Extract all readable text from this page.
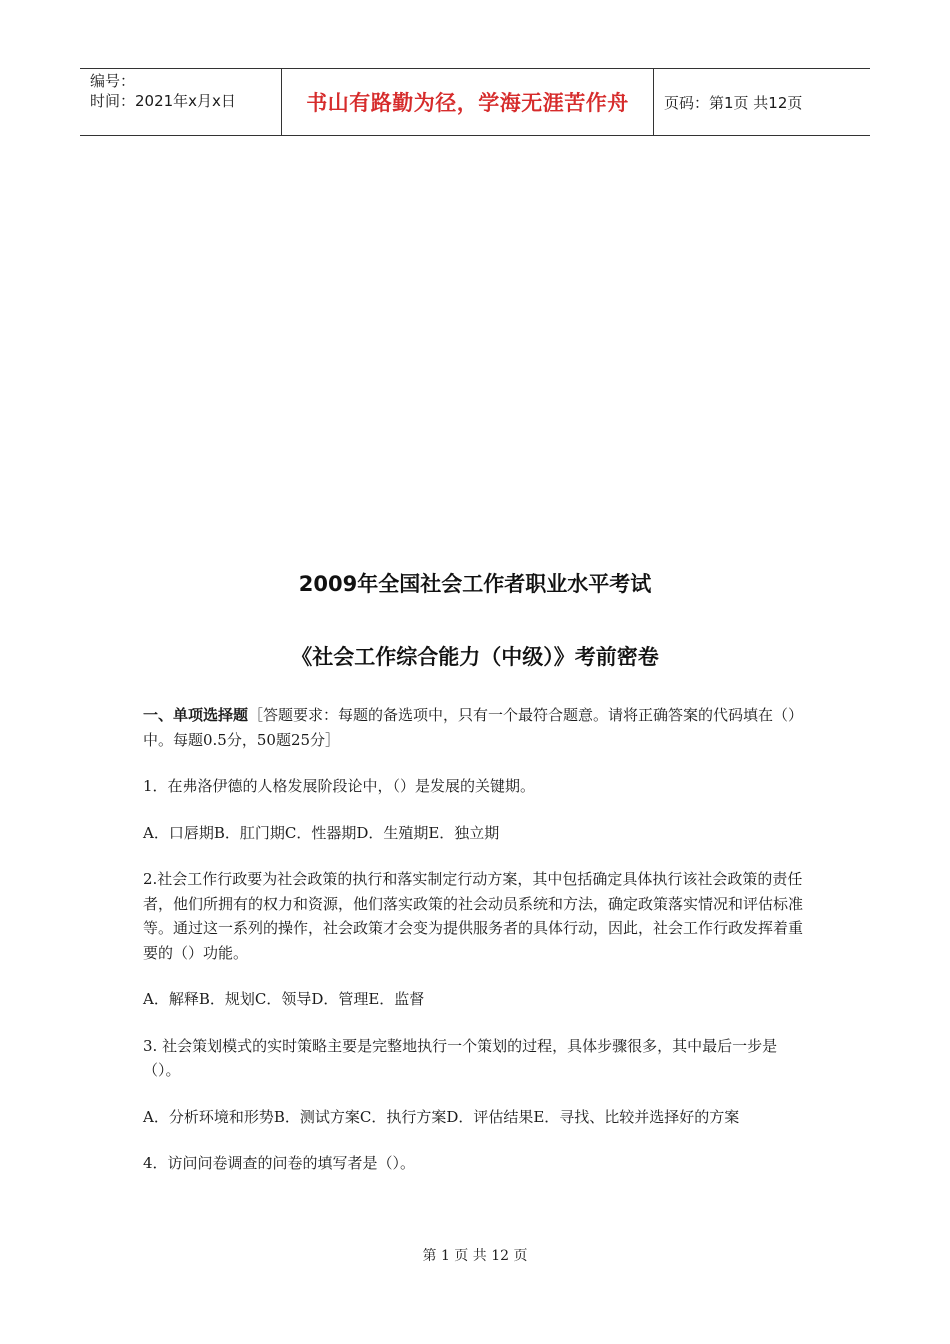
编号：
时间：2021年x月x日	书山有路勤为径，学海无涯苦作舟 页码：第1页 共12页
2009年全国社会工作者职业水平考试
《社会工作综合能力（中级）》考前密卷

一、单项选择题［答题要求：每题的备选项中，只有一个最符合题意。请将正确答案的代码填在（）中。每题0.5分，50题25分］

1．在弗洛伊德的人格发展阶段论中，（）是发展的关键期。

A．口唇期B．肛门期C．性器期D．生殖期E．独立期

2.社会工作行政要为社会政策的执行和落实制定行动方案，其中包括确定具体执行该社会政策的责任者，他们所拥有的权力和资源，他们落实政策的社会动员系统和方法，确定政策落实情况和评估标准等。通过这一系列的操作，社会政策才会变为提供服务者的具体行动，因此，社会工作行政发挥着重要的（）功能。

A．解释B．规划C．领导D．管理E．监督

3. 社会策划模式的实时策略主要是完整地执行一个策划的过程，具体步骤很多，其中最后一步是（）。

A．分析环境和形势B．测试方案C．执行方案D．评估结果E．寻找、比较并选择好的方案

4．访问问卷调查的问卷的填写者是（）。

第 1 页 共 12 页
